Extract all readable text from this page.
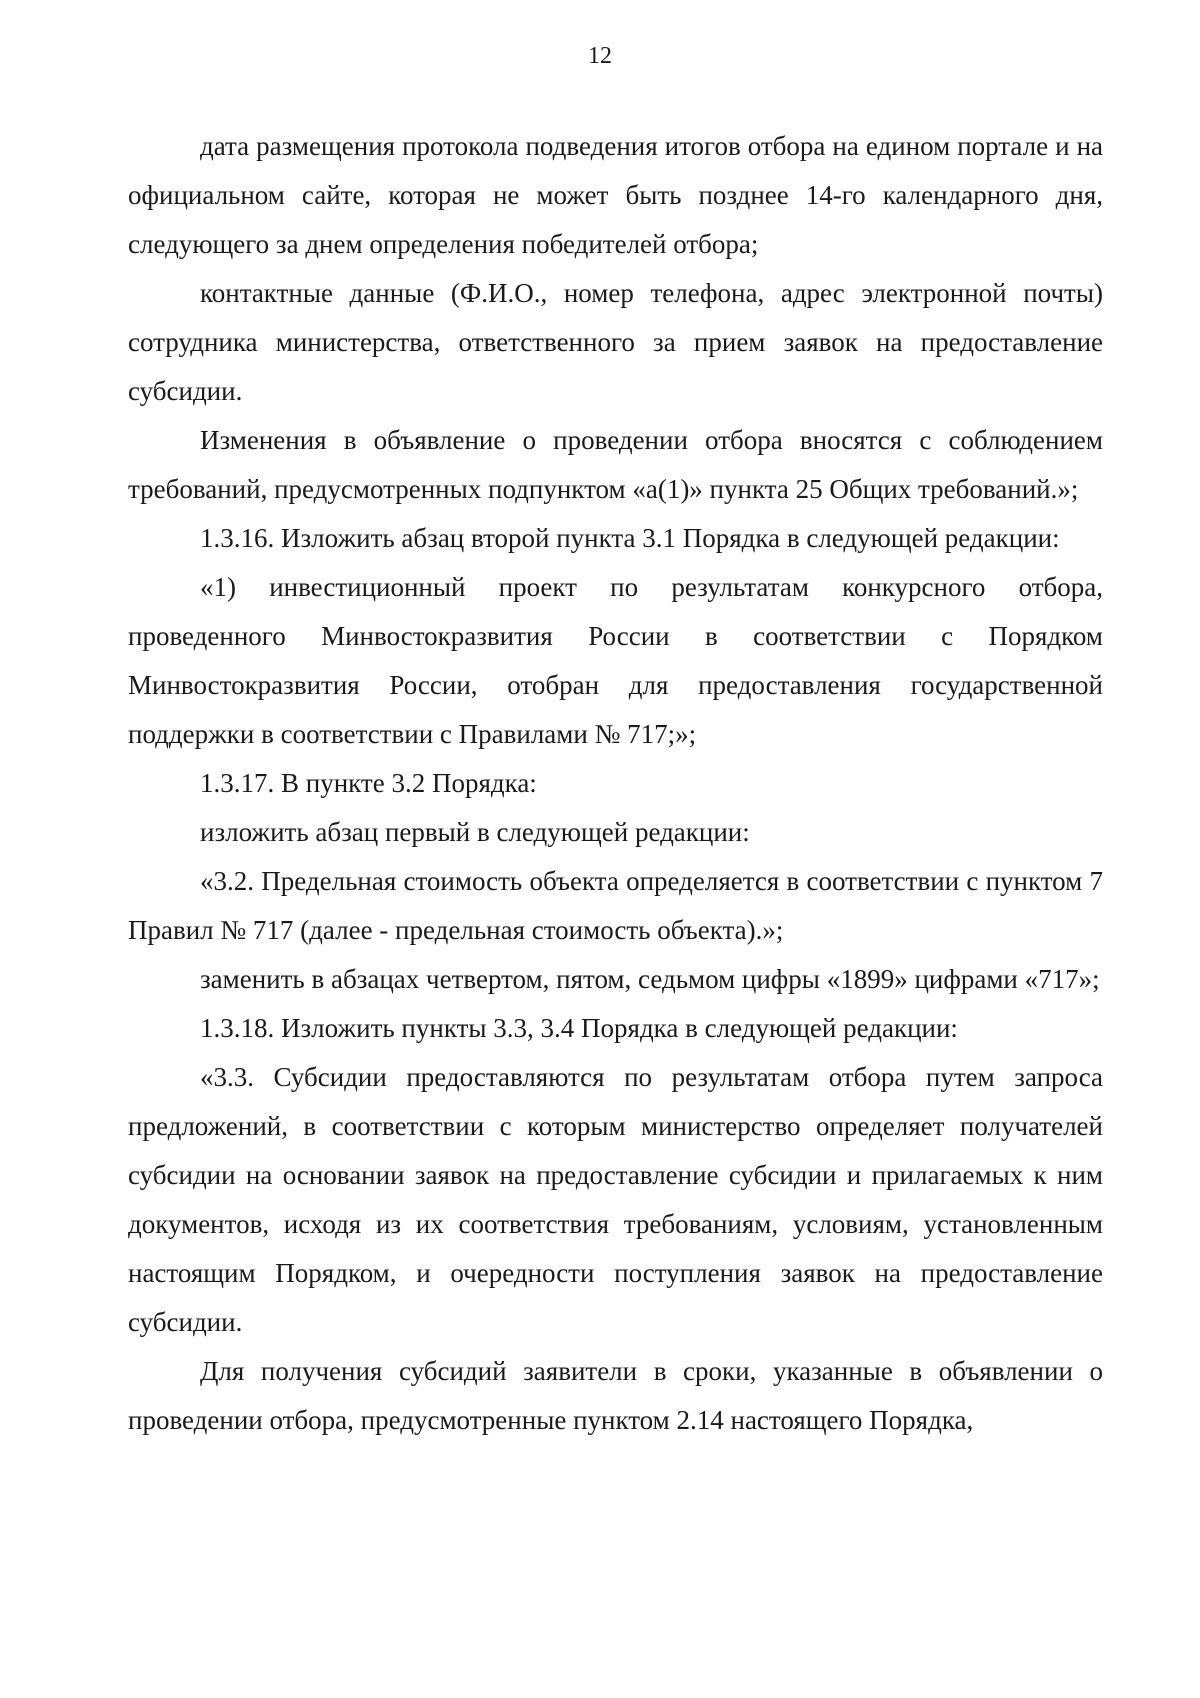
12

дата размещения протокола подведения итогов отбора на едином портале и на официальном сайте, которая не может быть позднее 14-го календарного дня, следующего за днем определения победителей отбора;

контактные данные (Ф.И.О., номер телефона, адрес электронной почты) сотрудника министерства, ответственного за прием заявок на предоставление субсидии.

Изменения в объявление о проведении отбора вносятся с соблюдением требований, предусмотренных подпунктом «а(1)» пункта 25 Общих требований.»;

1.3.16. Изложить абзац второй пункта 3.1 Порядка в следующей редакции:

«1) инвестиционный проект по результатам конкурсного отбора, проведенного Минвостокразвития России в соответствии с Порядком Минвостокразвития России, отобран для предоставления государственной поддержки в соответствии с Правилами № 717;»;

1.3.17. В пункте 3.2 Порядка:

изложить абзац первый в следующей редакции:

«3.2. Предельная стоимость объекта определяется в соответствии с пунктом 7 Правил № 717 (далее - предельная стоимость объекта).»;

заменить в абзацах четвертом, пятом, седьмом цифры «1899» цифрами «717»;

1.3.18. Изложить пункты 3.3, 3.4 Порядка в следующей редакции:

«3.3. Субсидии предоставляются по результатам отбора путем запроса предложений, в соответствии с которым министерство определяет получателей субсидии на основании заявок на предоставление субсидии и прилагаемых к ним документов, исходя из их соответствия требованиям, условиям, установленным настоящим Порядком, и очередности поступления заявок на предоставление субсидии.

Для получения субсидий заявители в сроки, указанные в объявлении о проведении отбора, предусмотренные пунктом 2.14 настоящего Порядка,
